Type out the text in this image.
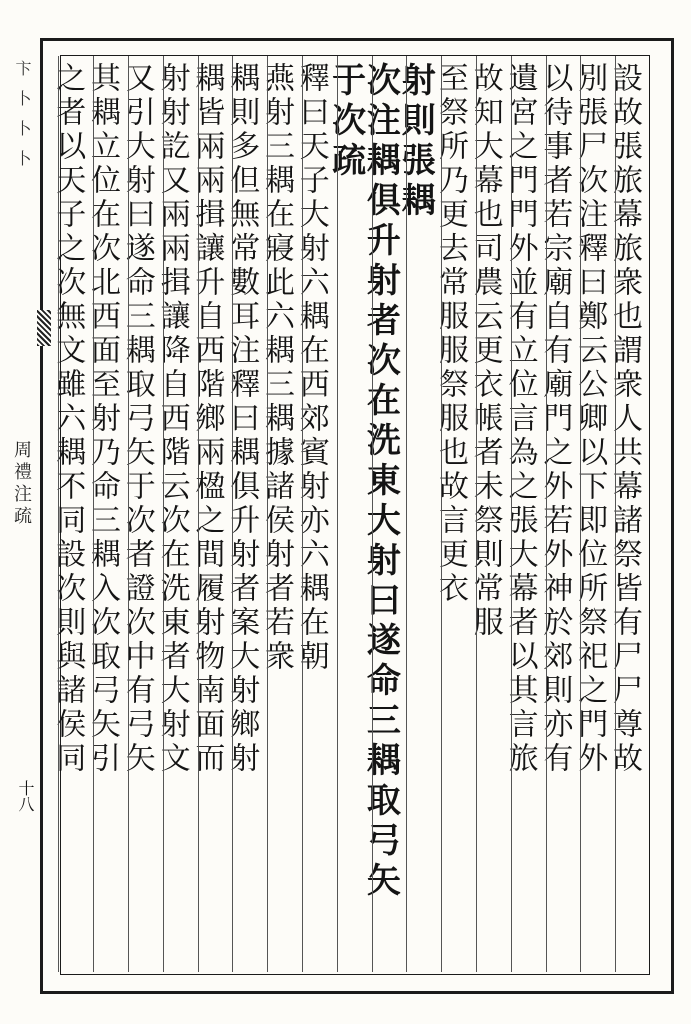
卞卜卜卜
周禮注疏
十八
設故張旅幕旅衆也謂衆人共幕諸祭皆有尸尸尊故
別張尸次注釋曰鄭云公卿以下即位所祭祀之門外
以待事者若宗廟自有廟門之外若外神於郊則亦有
遺宮之門門外並有立位言為之張大幕者以其言旅
故知大幕也司農云更衣帳者未祭則常服
至祭所乃更去常服服祭服也故言更衣
射則張耦
次注耦俱升射者次在洗東大射曰遂命三耦取弓矢
于次疏
釋曰天子大射六耦在西郊賓射亦六耦在朝
燕射三耦在寢此六耦三耦據諸侯射者若衆
耦則多但無常數耳注釋曰耦俱升射者案大射鄉射
耦皆兩兩揖讓升自西階鄉兩楹之間履射物南面而
射射訖又兩兩揖讓降自西階云次在洗東者大射文
又引大射曰遂命三耦取弓矢于次者證次中有弓矢
其耦立位在次北西面至射乃命三耦入次取弓矢引
之者以天子之次無文雖六耦不同設次則與諸侯同
